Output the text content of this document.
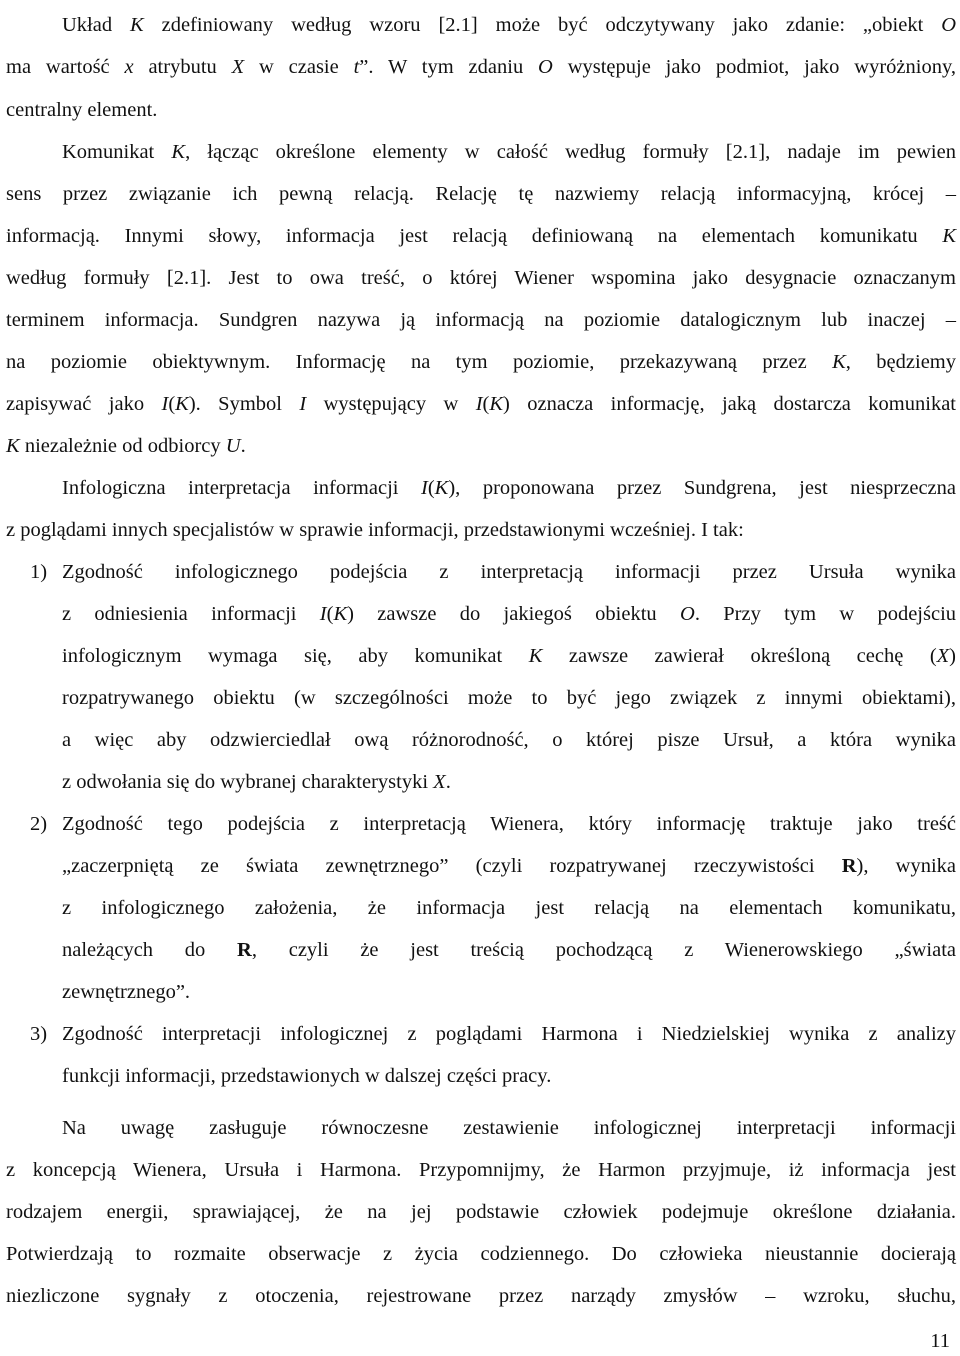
Układ K zdefiniowany według wzoru [2.1] może być odczytywany jako zdanie: „obiekt O
ma wartość x atrybutu X w czasie t”. W tym zdaniu O występuje jako podmiot, jako wyróżniony,
centralny element.
Komunikat K, łącząc określone elementy w całość według formuły [2.1], nadaje im pewien
sens przez związanie ich pewną relacją. Relację tę nazwiemy relacją informacyjną, krócej –
informacją. Innymi słowy, informacja jest relacją definiowaną na elementach komunikatu K
według formuły [2.1]. Jest to owa treść, o której Wiener wspomina jako desygnacie oznaczanym
terminem informacja. Sundgren nazywa ją informacją na poziomie datalogicznym lub inaczej –
na poziomie obiektywnym. Informację na tym poziomie, przekazywaną przez K, będziemy
zapisywać jako I(K). Symbol I występujący w I(K) oznacza informację, jaką dostarcza komunikat
K niezależnie od odbiorcy U.
Infologiczna interpretacja informacji I(K), proponowana przez Sundgrena, jest niesprzeczna
z poglądami innych specjalistów w sprawie informacji, przedstawionymi wcześniej. I tak:
1) Zgodność infologicznego podejścia z interpretacją informacji przez Ursuła wynika
z odniesienia informacji I(K) zawsze do jakiegoś obiektu O. Przy tym w podejściu
infologicznym wymaga się, aby komunikat K zawsze zawierał określoną cechę (X)
rozpatrywanego obiektu (w szczególności może to być jego związek z innymi obiektami),
a więc aby odzwierciedlał ową różnorodność, o której pisze Ursuł, a która wynika
z odwołania się do wybranej charakterystyki X.
2) Zgodność tego podejścia z interpretacją Wienera, który informację traktuje jako treść
„zaczerpniętą ze świata zewnętrznego” (czyli rozpatrywanej rzeczywistości R), wynika
z infologicznego założenia, że informacja jest relacją na elementach komunikatu,
należących do R, czyli że jest treścią pochodzącą z Wienerowskiego „świata
zewnętrznego”.
3) Zgodność interpretacji infologicznej z poglądami Harmona i Niedzielskiej wynika z analizy
funkcji informacji, przedstawionych w dalszej części pracy.
Na uwagę zasługuje równoczesne zestawienie infologicznej interpretacji informacji
z koncepcją Wienera, Ursuła i Harmona. Przypomnijmy, że Harmon przyjmuje, iż informacja jest
rodzajem energii, sprawiającej, że na jej podstawie człowiek podejmuje określone działania.
Potwierdzają to rozmaite obserwacje z życia codziennego. Do człowieka nieustannie docierają
niezliczone sygnały z otoczenia, rejestrowane przez narządy zmysłów – wzroku, słuchu,
11
